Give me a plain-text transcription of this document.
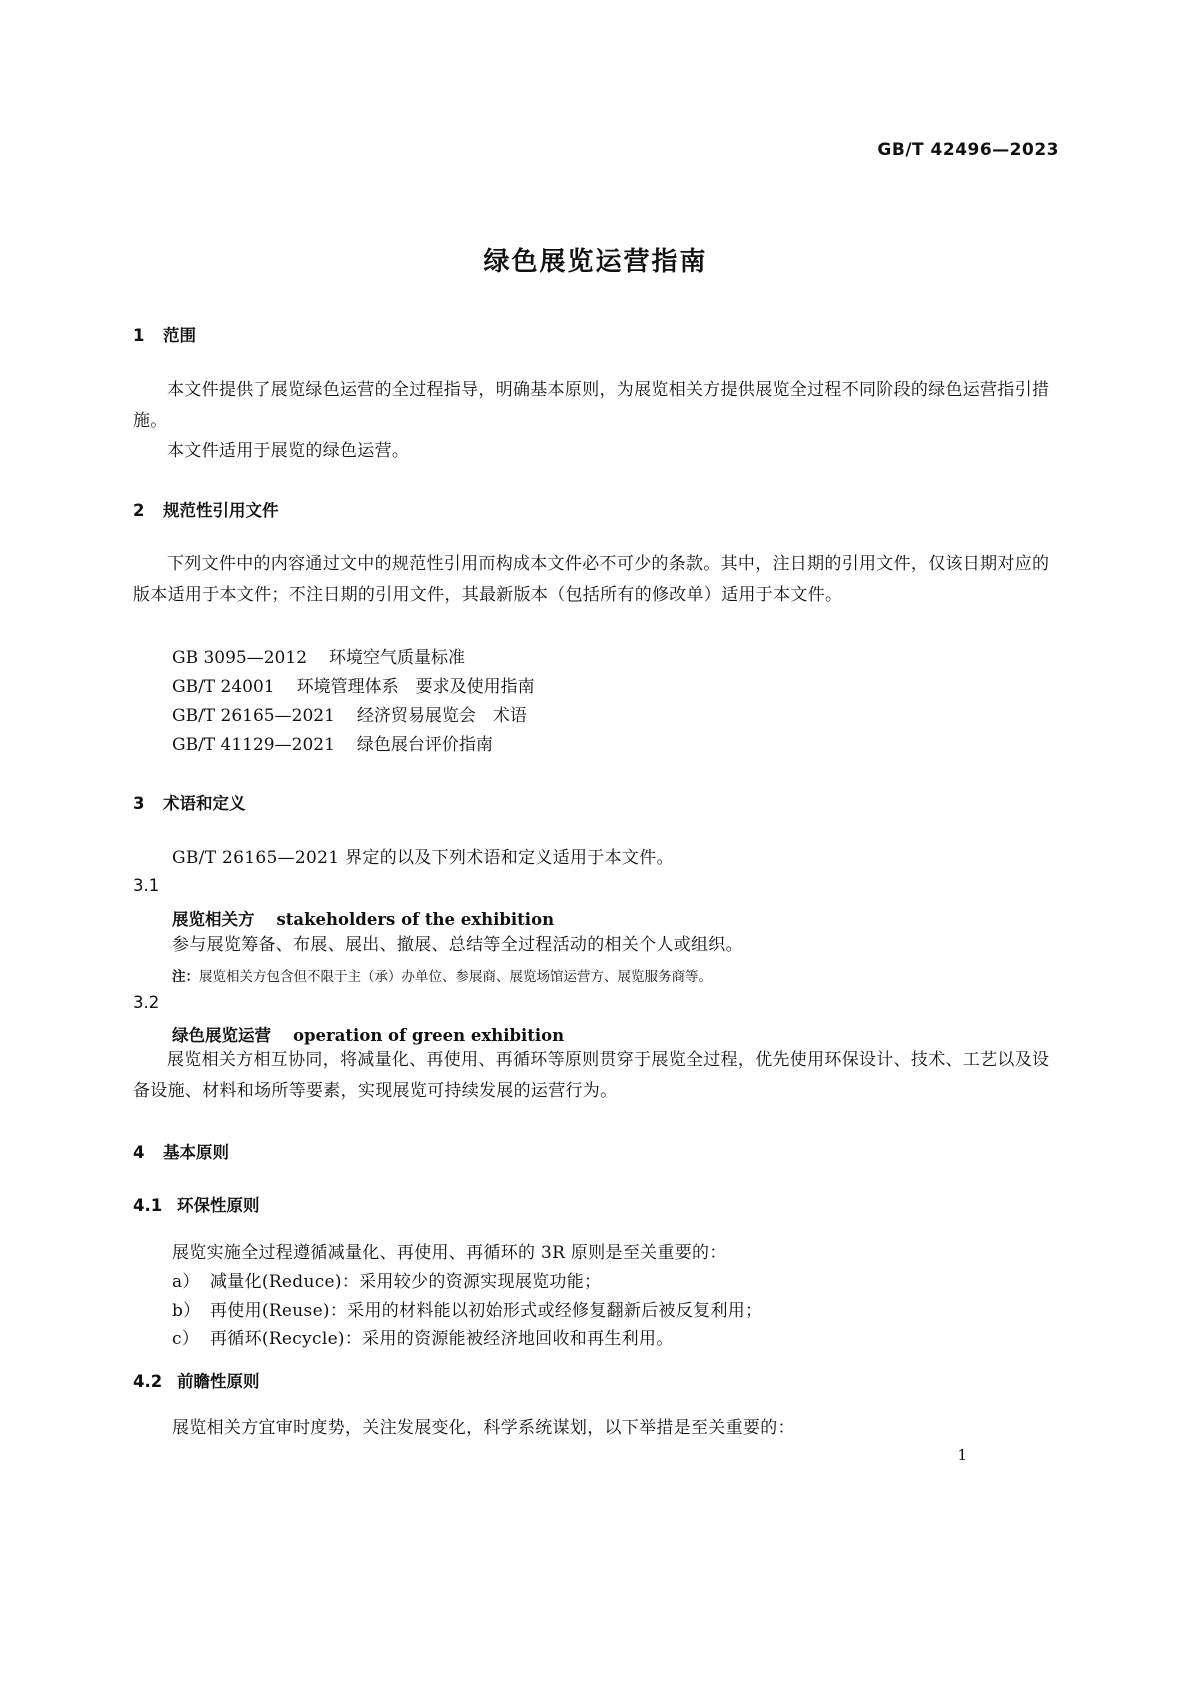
GB/T 42496—2023
绿色展览运营指南
1 范围
本文件提供了展览绿色运营的全过程指导，明确基本原则，为展览相关方提供展览全过程不同阶段的绿色运营指引措施。
本文件适用于展览的绿色运营。
2 规范性引用文件
下列文件中的内容通过文中的规范性引用而构成本文件必不可少的条款。其中，注日期的引用文件，仅该日期对应的版本适用于本文件；不注日期的引用文件，其最新版本（包括所有的修改单）适用于本文件。
GB 3095—2012 环境空气质量标准
GB/T 24001 环境管理体系　要求及使用指南
GB/T 26165—2021 经济贸易展览会　术语
GB/T 41129—2021 绿色展台评价指南
3 术语和定义
GB/T 26165—2021 界定的以及下列术语和定义适用于本文件。
3.1
展览相关方 stakeholders of the exhibition
参与展览筹备、布展、展出、撤展、总结等全过程活动的相关个人或组织。
注：展览相关方包含但不限于主（承）办单位、参展商、展览场馆运营方、展览服务商等。
3.2
绿色展览运营 operation of green exhibition
展览相关方相互协同，将减量化、再使用、再循环等原则贯穿于展览全过程，优先使用环保设计、技术、工艺以及设备设施、材料和场所等要素，实现展览可持续发展的运营行为。
4 基本原则
4.1 环保性原则
展览实施全过程遵循减量化、再使用、再循环的 3R 原则是至关重要的：
a） 减量化(Reduce)：采用较少的资源实现展览功能；
b） 再使用(Reuse)：采用的材料能以初始形式或经修复翻新后被反复利用；
c） 再循环(Recycle)：采用的资源能被经济地回收和再生利用。
4.2 前瞻性原则
展览相关方宜审时度势，关注发展变化，科学系统谋划，以下举措是至关重要的：
1
